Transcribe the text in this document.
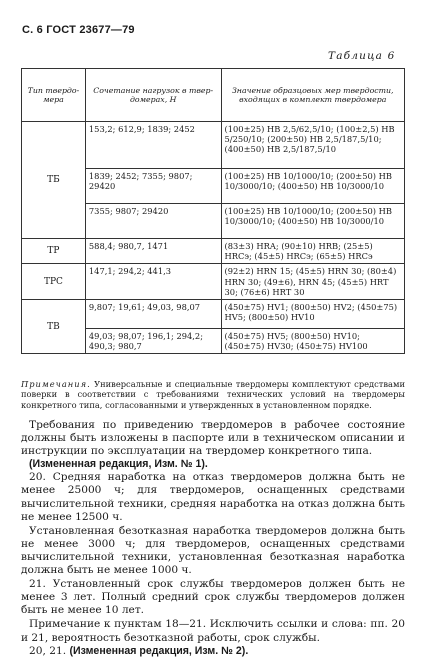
С. 6 ГОСТ 23677—79
Таблица 6
Тип твердо-мера	Сочетание нагрузок в твер-домерах, Н	Значение образцовых мер твердости, входящих в комплект твердомера
ТБ	153,2; 612,9; 1839; 2452	(100±25) HB 2,5/62,5/10; (100±2,5) HB 5/250/10; (200±50) HB 2,5/187,5/10; (400±50) HB 2,5/187,5/10
	1839; 2452; 7355; 9807; 29420	(100±25) HB 10/1000/10; (200±50) HB 10/3000/10; (400±50) HB 10/3000/10
	7355; 9807; 29420	(100±25) HB 10/1000/10; (200±50) HB 10/3000/10; (400±50) HB 10/3000/10
ТР	588,4; 980,7, 1471	(83±3) HRA; (90±10) HRB; (25±5) HRCэ; (45±5) HRCэ; (65±5) HRCэ
ТРС	147,1; 294,2; 441,3	(92±2) HRN 15; (45±5) HRN 30; (80±4) HRN 30; (49±6), HRN 45; (45±5) HRT 30; (76±6) HRT 30
ТВ	9,807; 19,61; 49,03, 98,07	(450±75) HV1; (800±50) HV2; (450±75) HV5; (800±50) HV10
	49,03; 98,07; 196,1; 294,2; 490,3; 980,7	(450±75) HV5; (800±50) HV10; (450±75) HV30; (450±75) HV100
Примечания. Универсальные и специальные твердомеры комплектуют средствами поверки в соответствии с требованиями технических условий на твердомеры конкретного типа, согласованными и утвержденных в установленном порядке.

Требования по приведению твердомеров в рабочее состояние должны быть изложены в паспорте или в техническом описании и инструкции по эксплуатации на твердомер конкретного типа.

(Измененная редакция, Изм. № 1).

20. Средняя наработка на отказ твердомеров должна быть не менее 25000 ч; для твердомеров, оснащенных средствами вычислительной техники, средняя наработка на отказ должна быть не менее 12500 ч.

Установленная безотказная наработка твердомеров должна быть не менее 3000 ч; для твердомеров, оснащенных средствами вычислительной техники, установленная безотказная наработка должна быть не менее 1000 ч.

21. Установленный срок службы твердомеров должен быть не менее 3 лет. Полный средний срок службы твердомеров должен быть не менее 10 лет.

Примечание к пунктам 18—21. Исключить ссылки и слова: пп. 20 и 21, вероятность безотказной работы, срок службы.

20, 21. (Измененная редакция, Изм. № 2).
